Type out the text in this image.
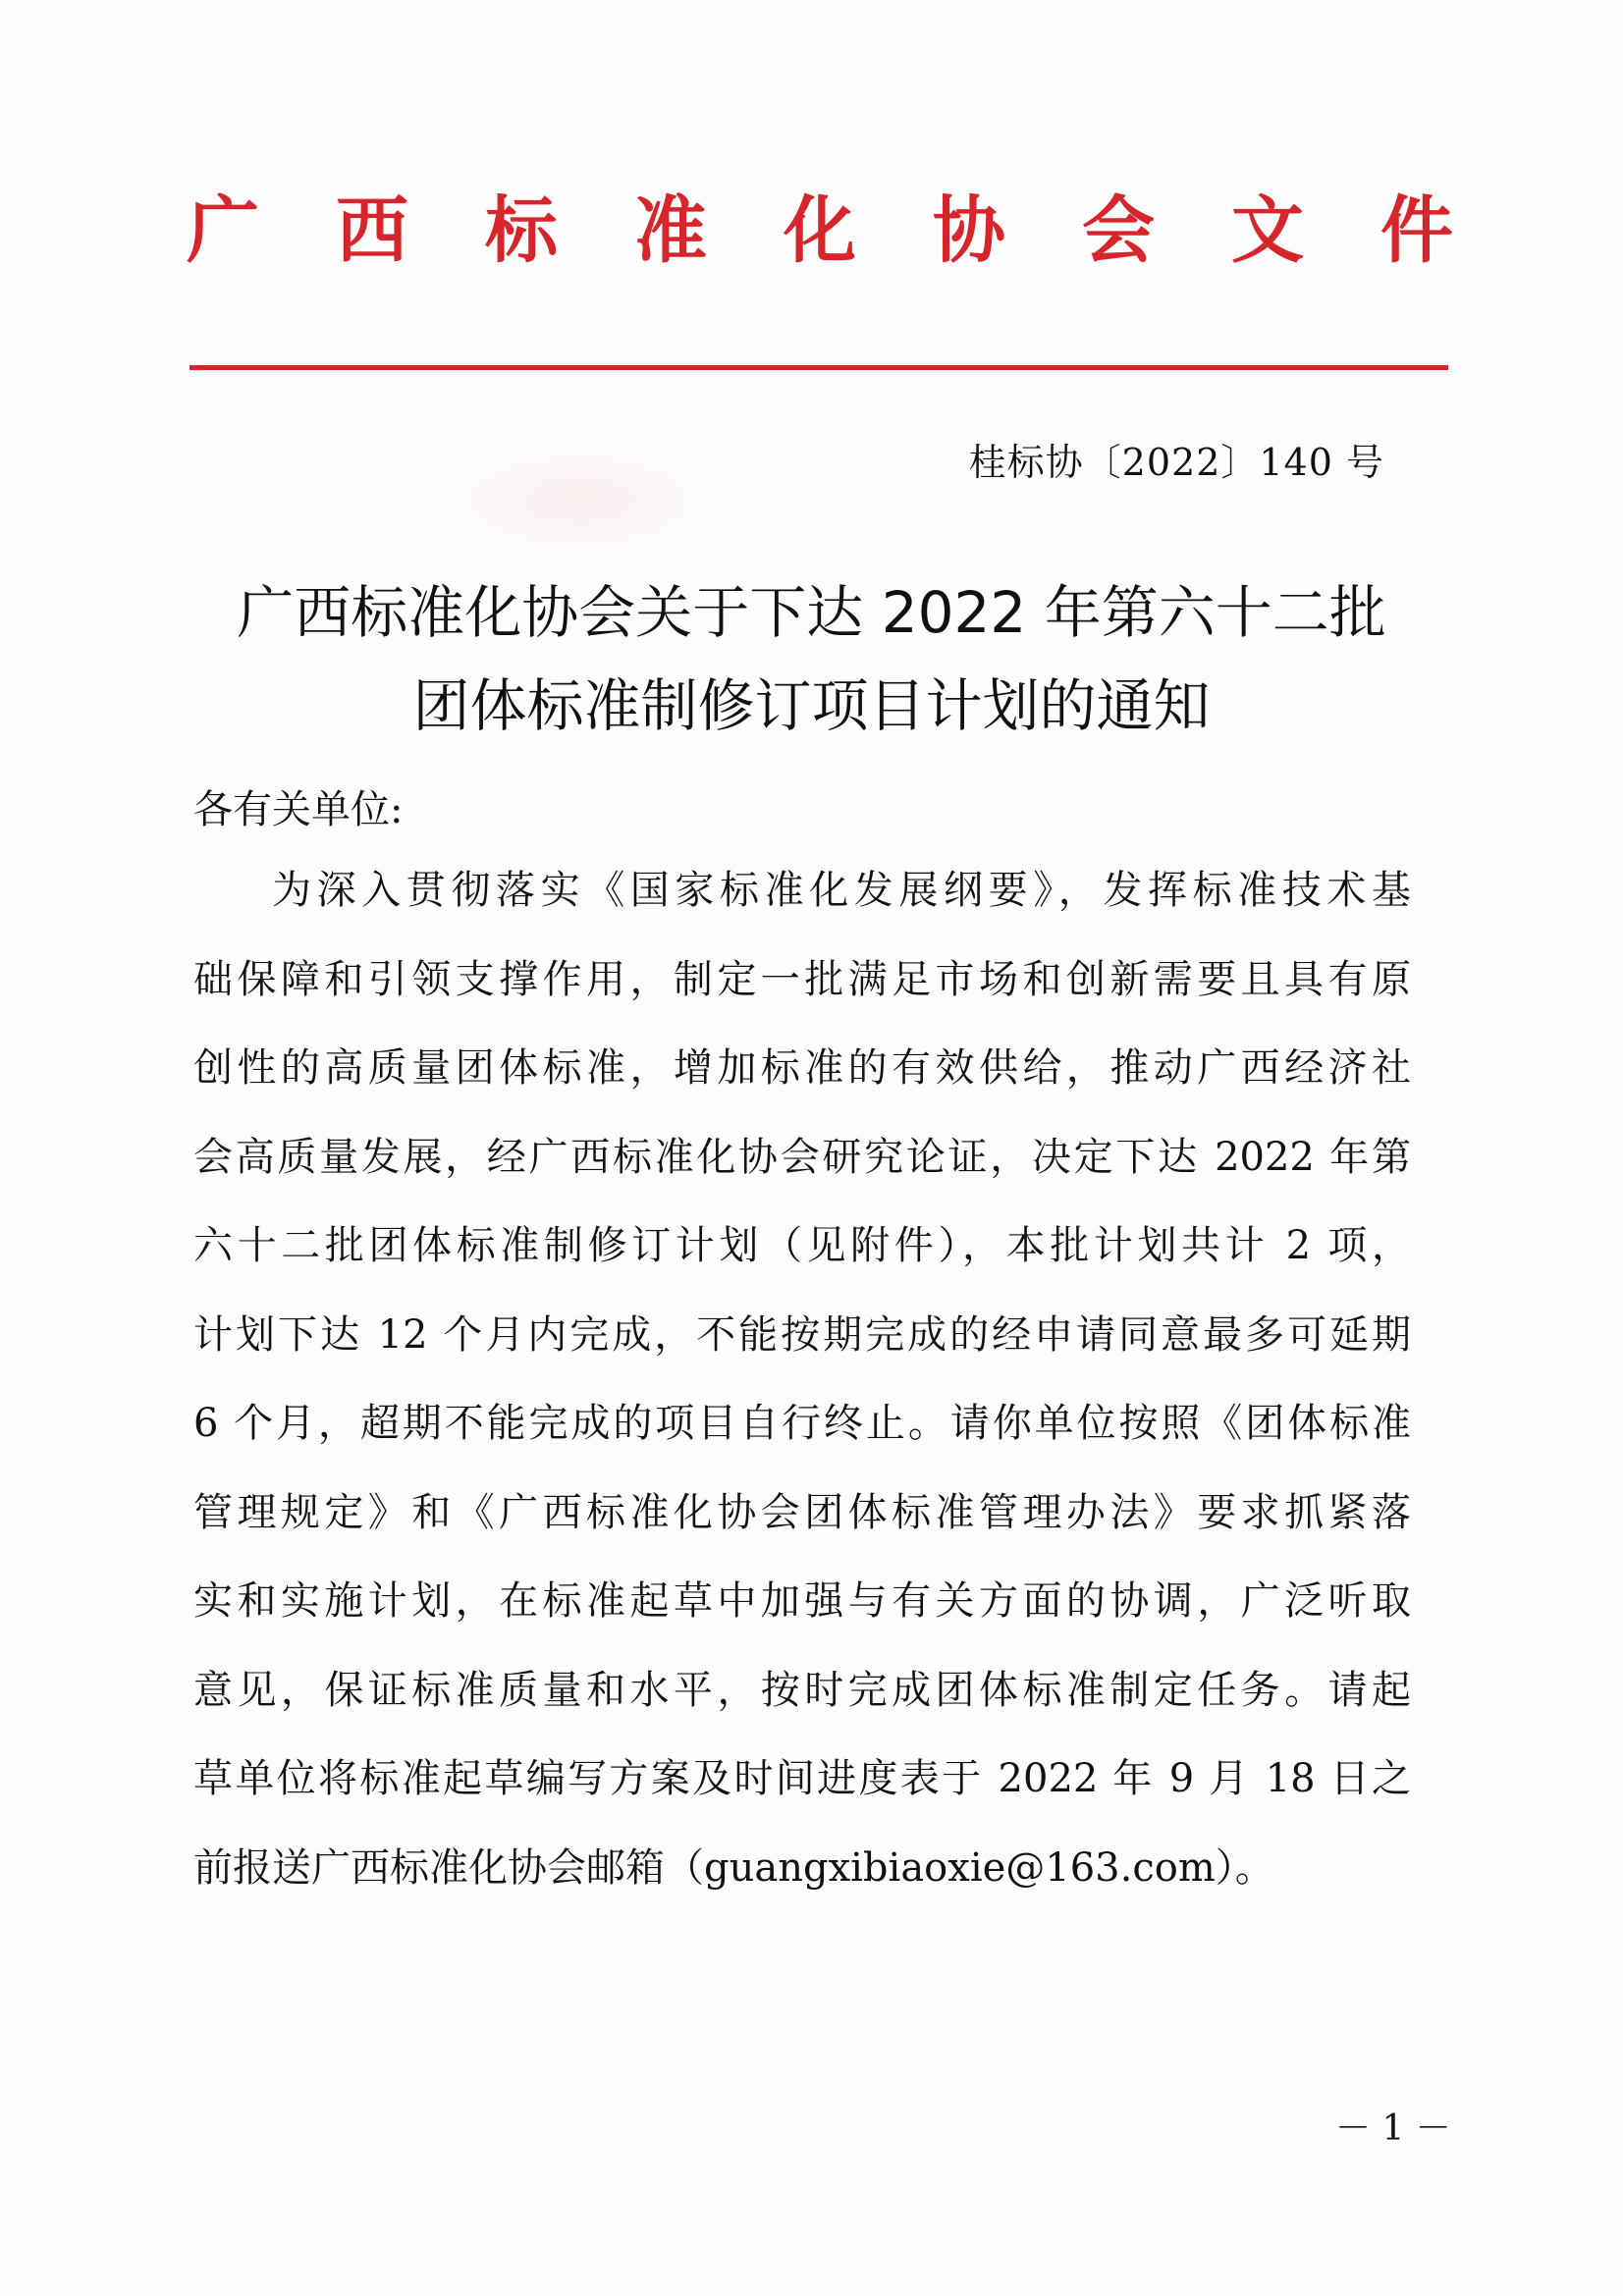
广 西 标 准 化 协 会 文 件
桂标协〔2022〕140 号
广西标准化协会关于下达 2022 年第六十二批
团体标准制修订项目计划的通知
各有关单位:
为深入贯彻落实《国家标准化发展纲要》，发挥标准技术基
础保障和引领支撑作用，制定一批满足市场和创新需要且具有原
创性的高质量团体标准，增加标准的有效供给，推动广西经济社
会高质量发展，经广西标准化协会研究论证，决定下达 2022 年第
六十二批团体标准制修订计划（见附件），本批计划共计 2 项，
计划下达 12 个月内完成，不能按期完成的经申请同意最多可延期
6 个月，超期不能完成的项目自行终止。请你单位按照《团体标准
管理规定》和《广西标准化协会团体标准管理办法》要求抓紧落
实和实施计划，在标准起草中加强与有关方面的协调，广泛听取
意见，保证标准质量和水平，按时完成团体标准制定任务。请起
草单位将标准起草编写方案及时间进度表于 2022 年 9 月 18 日之
前报送广西标准化协会邮箱（guangxibiaoxie@163.com）。
－ 1 －
